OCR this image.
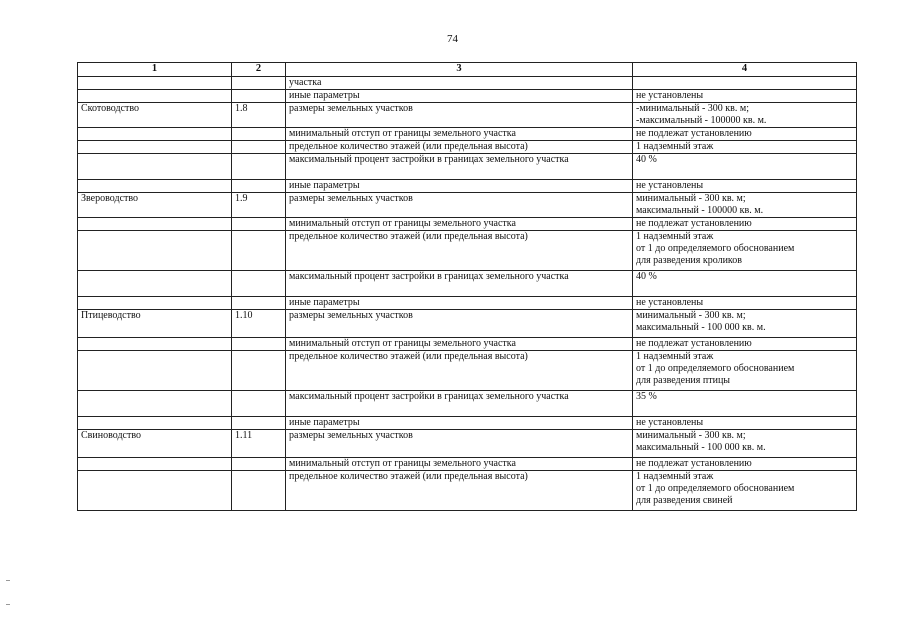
74
1	2	3	4
		участка	
		иные параметры	не установлены
Скотоводство	1.8	размеры земельных участков	-минимальный - 300 кв. м;
-максимальный - 100000 кв. м.

		минимальный отступ от границы земельного участка	не подлежат установлению
		предельное количество этажей (или предельная высота)	1 надземный этаж
		максимальный процент застройки в границах земельного участка	40 %
		иные параметры	не установлены
Звероводство	1.9	размеры земельных участков	минимальный - 300 кв. м;
максимальный - 100000 кв. м.

		минимальный отступ от границы земельного участка	не подлежат установлению
		предельное количество этажей (или предельная высота)	1 надземный этаж
от 1 до определяемого обоснованием
для разведения кроликов

		максимальный процент застройки в границах земельного участка	40 %
		иные параметры	не установлены
Птицеводство	1.10	размеры земельных участков	минимальный - 300 кв. м;
максимальный - 100 000 кв. м.

		минимальный отступ от границы земельного участка	не подлежат установлению
		предельное количество этажей (или предельная высота)	1 надземный этаж
от 1 до определяемого обоснованием
для разведения птицы

		максимальный процент застройки в границах земельного участка	35 %
		иные параметры	не установлены
Свиноводство	1.11	размеры земельных участков	минимальный - 300 кв. м;
максимальный - 100 000 кв. м.

		минимальный отступ от границы земельного участка	не подлежат установлению
		предельное количество этажей (или предельная высота)	1 надземный этаж
от 1 до определяемого обоснованием
для разведения свиней
